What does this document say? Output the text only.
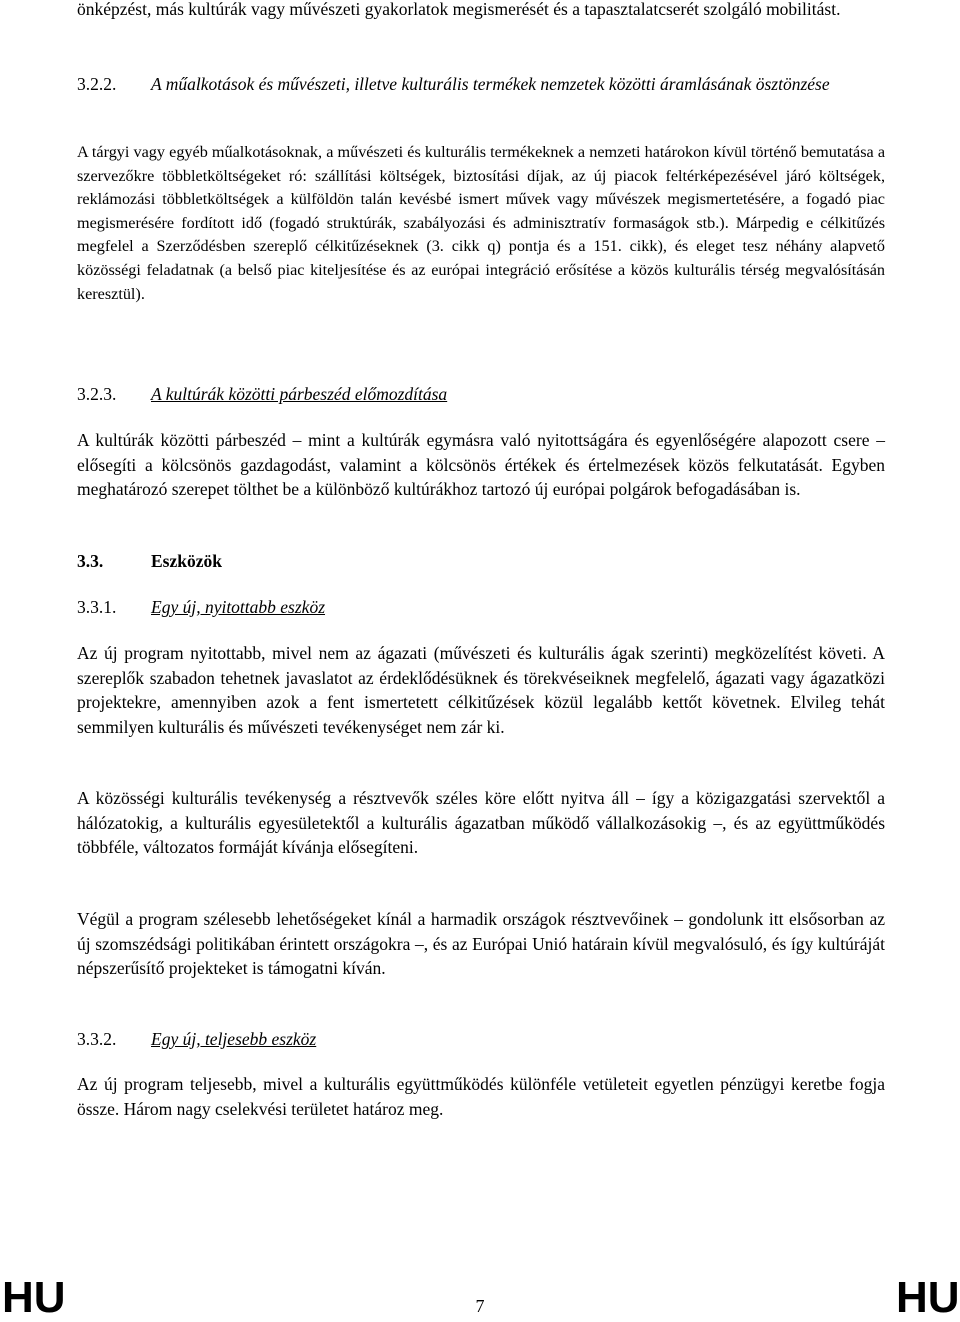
önképzést, más kultúrák vagy művészeti gyakorlatok megismerését és a tapasztalatcserét szolgáló mobilitást.

3.2.2. A műalkotások és művészeti, illetve kulturális termékek nemzetek közötti áramlásának ösztönzése

A tárgyi vagy egyéb műalkotásoknak, a művészeti és kulturális termékeknek a nemzeti határokon kívül történő bemutatása a szervezőkre többletköltségeket ró: szállítási költségek, biztosítási díjak, az új piacok feltérképezésével járó költségek, reklámozási többletköltségek a külföldön talán kevésbé ismert művek vagy művészek megismertetésére, a fogadó piac megismerésére fordított idő (fogadó struktúrák, szabályozási és adminisztratív formaságok stb.). Márpedig e célkitűzés megfelel a Szerződésben szereplő célkitűzéseknek (3. cikk q) pontja és a 151. cikk), és eleget tesz néhány alapvető közösségi feladatnak (a belső piac kiteljesítése és az európai integráció erősítése a közös kulturális térség megvalósításán keresztül).

3.2.3. A kultúrák közötti párbeszéd előmozdítása

A kultúrák közötti párbeszéd – mint a kultúrák egymásra való nyitottságára és egyenlőségére alapozott csere – elősegíti a kölcsönös gazdagodást, valamint a kölcsönös értékek és értelmezések közös felkutatását. Egyben meghatározó szerepet tölthet be a különböző kultúrákhoz tartozó új európai polgárok befogadásában is.

3.3.	Eszközök
3.3.1. Egy új, nyitottabb eszköz

Az új program nyitottabb, mivel nem az ágazati (művészeti és kulturális ágak szerinti) megközelítést követi. A szereplők szabadon tehetnek javaslatot az érdeklődésüknek és törekvéseiknek megfelelő, ágazati vagy ágazatközi projektekre, amennyiben azok a fent ismertetett célkitűzések közül legalább kettőt követnek. Elvileg tehát semmilyen kulturális és művészeti tevékenységet nem zár ki.

A közösségi kulturális tevékenység a résztvevők széles köre előtt nyitva áll – így a közigazgatási szervektől a hálózatokig, a kulturális egyesületektől a kulturális ágazatban működő vállalkozásokig –, és az együttműködés többféle, változatos formáját kívánja elősegíteni.

Végül a program szélesebb lehetőségeket kínál a harmadik országok résztvevőinek – gondolunk itt elsősorban az új szomszédsági politikában érintett országokra –, és az Európai Unió határain kívül megvalósuló, és így kultúráját népszerűsítő projekteket is támogatni kíván.

3.3.2. Egy új, teljesebb eszköz

Az új program teljesebb, mivel a kulturális együttműködés különféle vetületeit egyetlen pénzügyi keretbe fogja össze. Három nagy cselekvési területet határoz meg.

HU	7	HU
